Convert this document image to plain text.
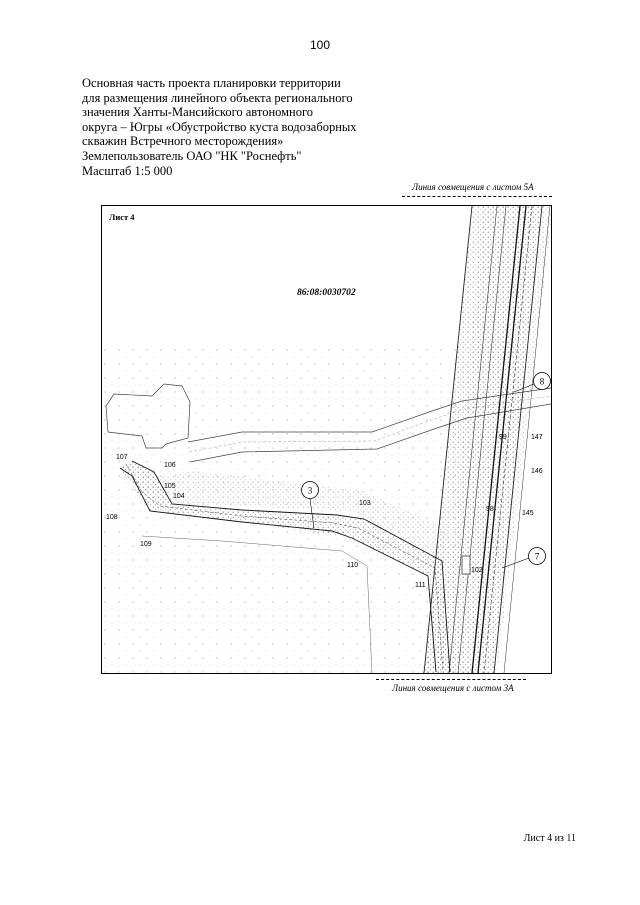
100
Основная часть проекта планировки территории
для размещения линейного объекта регионального
значения Ханты-Мансийского автономного
округа – Югры «Обустройство куста водозаборных
скважин Встречного месторождения»
Землепользователь ОАО "НК "Роснефть"
Масштаб 1:5 000
Линия совмещения с листом 5А
3
8
7
Лист 4
86:08:0030702
107
106
105
104
108
109
103
110
111
102
99	147
146
98
145
Линия совмещения с листом 3А
Лист 4 из 11
